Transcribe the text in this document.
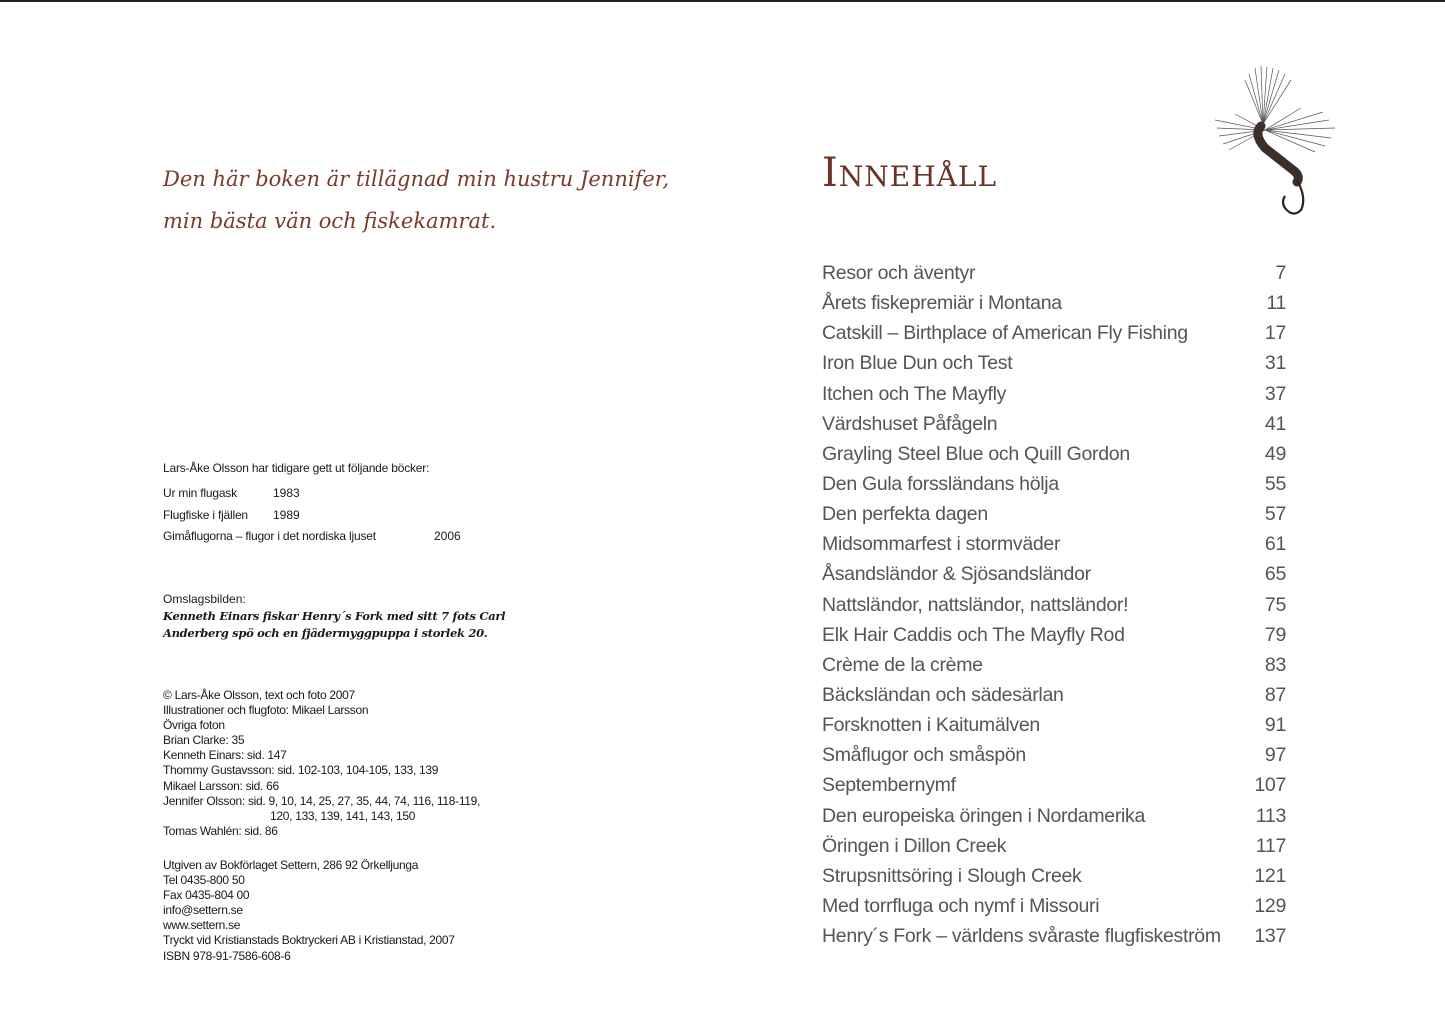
Den här boken är tillägnad min hustru Jennifer,
min bästa vän och fiskekamrat.
Lars-Åke Olsson har tidigare gett ut följande böcker:
Ur min flugask	1983
Flugfiske i fjällen 1989
Gimåflugorna – flugor i det nordiska ljuset	2006
Omslagsbilden:
Kenneth Einars fiskar Henry´s Fork med sitt 7 fots Carl
Anderberg spö och en fjädermyggpuppa i storlek 20.
© Lars-Åke Olsson, text och foto 2007
Illustrationer och flugfoto: Mikael Larsson
Övriga foton
Brian Clarke: 35
Kenneth Einars: sid. 147
Thommy Gustavsson: sid. 102-103, 104-105, 133, 139
Mikael Larsson: sid. 66
Jennifer Olsson: sid. 9, 10, 14, 25, 27, 35, 44, 74, 116, 118-119,
120, 133, 139, 141, 143, 150
Tomas Wahlén: sid. 86
Utgiven av Bokförlaget Settern, 286 92 Örkelljunga
Tel 0435-800 50
Fax 0435-804 00
info@settern.se
www.settern.se
Tryckt vid Kristianstads Boktryckeri AB i Kristianstad, 2007
ISBN 978-91-7586-608-6
Innehåll
Resor och äventyr	7
Årets fiskepremiär i Montana	11
Catskill – Birthplace of American Fly Fishing	17
Iron Blue Dun och Test	31
Itchen och The Mayfly	37
Värdshuset Påfågeln	41
Grayling Steel Blue och Quill Gordon	49
Den Gula forssländans hölja	55
Den perfekta dagen	57
Midsommarfest i stormväder	61
Åsandsländor & Sjösandsländor	65
Nattsländor, nattsländor, nattsländor!	75
Elk Hair Caddis och The Mayfly Rod	79
Crème de la crème	83
Bäcksländan och sädesärlan	87
Forsknotten i Kaitumälven	91
Småflugor och småspön	97
Septembernymf	107
Den europeiska öringen i Nordamerika	113
Öringen i Dillon Creek	117
Strupsnittsöring i Slough Creek	121
Med torrfluga och nymf i Missouri	129
Henry´s Fork – världens svåraste flugfiskeström 137
